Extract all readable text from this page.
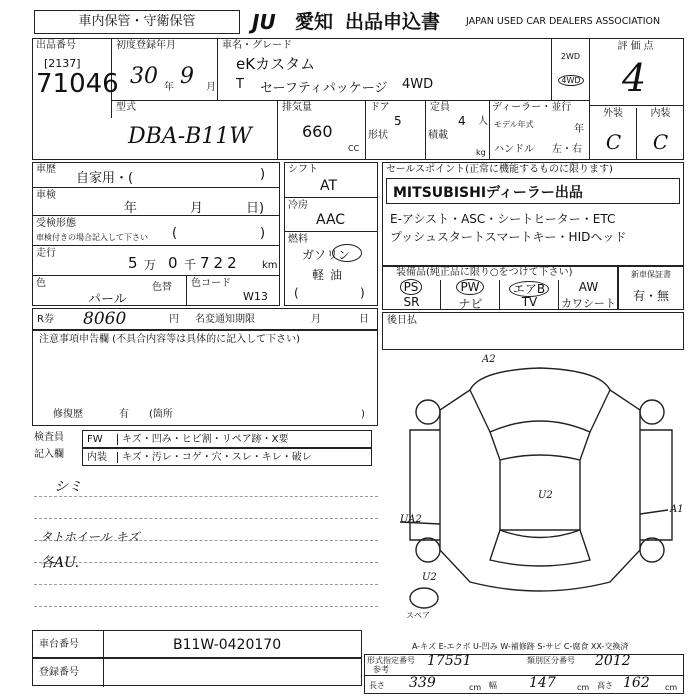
車内保管・守衛保管	JU	愛知 出品申込書	JAPAN USED CAR DEALERS ASSOCIATION
出品番号
[2137]
71046
初度登録年月
30 年 9 月
車名・グレード
eKカスタム
T セーフティパッケージ 4WD
2WD
4WD
評価点
4
外装	内装
C	C
型式
DBA-B11W
排気量
660
CC
ドア
5
形状
定員
4 人
積載
kg
ディーラー・並行
モデル年式	年
ハンドル 左・右
車歴
自家用・(	)
車検
年	月	日)
受検形態
車検付きの場合記入して下さい (	)
走行
5 万 0 千 722 km
色
パール
色替 色コード
W13
シフト
AT
冷房
AAC
燃料
ガソリン
軽油
(	)
セールスポイント(正常に機能するものに限ります)
MITSUBISHIディーラー出品
E-アシスト・ASC・シートヒーター・ETC
プッシュスタートスマートキー・HIDヘッド
装備品(純正品に限り○をつけて下さい)
PS	PW	エアB	AW
SR	ナビ	TV	カワシート
新車保証書
有・無
R券 8060	円 名変通知期限	月	日 後日払
注意事項申告欄 (不具合内容等は具体的に記入して下さい)
修復歴	有 (箇所	)
検査員
記入欄
FW	キズ・凹み・ヒビ割・リペア跡・X要
内装	キズ・汚レ・コゲ・穴・スレ・キレ・破レ
シミ
タトホイール キズ
各AU.
A2
U2
UA2
A1
U2
スペア
A-キズ E-エクボ U-凹み W-補修跡 S-サビ C-腐食 XX-交換済
車台番号	B11W-0420170
登録番号
形式指定番号
参考
17551	類別区分番号 2012
長さ 339	cm 幅 147	cm 高さ 162 cm
